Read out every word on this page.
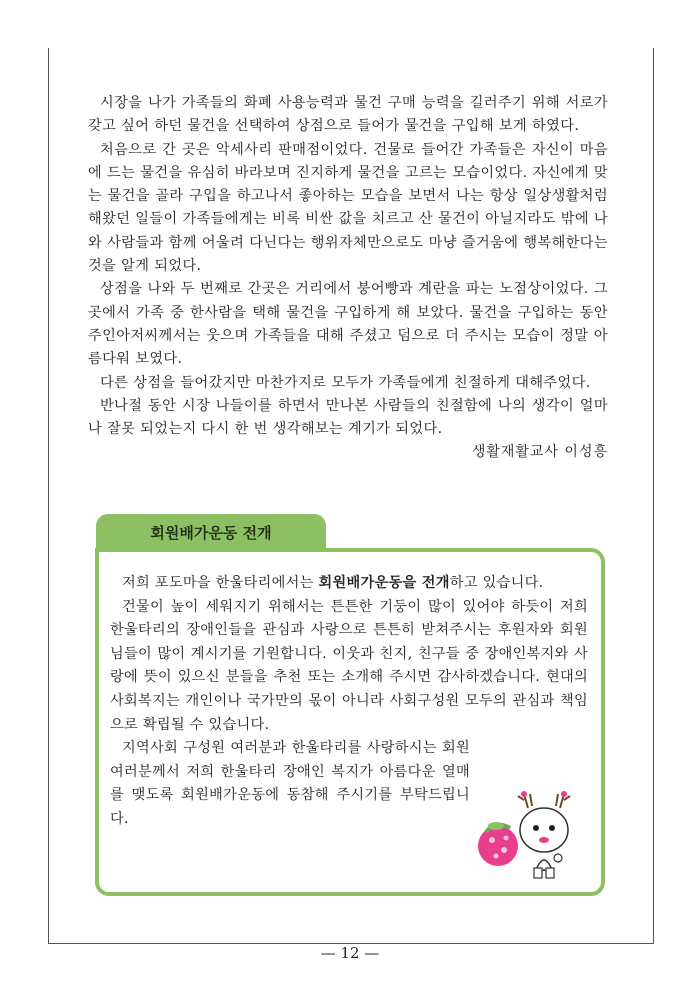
시장을 나가 가족들의 화폐 사용능력과 물건 구매 능력을 길러주기 위해 서로가 갖고 싶어 하던 물건을 선택하여 상점으로 들어가 물건을 구입해 보게 하였다.

처음으로 간 곳은 악세사리 판매점이었다. 건물로 들어간 가족들은 자신이 마음에 드는 물건을 유심히 바라보며 진지하게 물건을 고르는 모습이었다. 자신에게 맞는 물건을 골라 구입을 하고나서 좋아하는 모습을 보면서 나는 항상 일상생활처럼 해왔던 일들이 가족들에게는 비록 비싼 값을 치르고 산 물건이 아닐지라도 밖에 나와 사람들과 함께 어울려 다닌다는 행위자체만으로도 마냥 즐거움에 행복해한다는 것을 알게 되었다.

상점을 나와 두 번째로 간곳은 거리에서 붕어빵과 계란을 파는 노점상이었다. 그곳에서 가족 중 한사람을 택해 물건을 구입하게 해 보았다. 물건을 구입하는 동안 주인아저씨께서는 웃으며 가족들을 대해 주셨고 덤으로 더 주시는 모습이 정말 아름다워 보였다.

다른 상점을 들어갔지만 마찬가지로 모두가 가족들에게 친절하게 대해주었다.

반나절 동안 시장 나들이를 하면서 만나본 사람들의 친절함에 나의 생각이 얼마나 잘못 되었는지 다시 한 번 생각해보는 계기가 되었다.

생활재활교사 이성흥
회원배가운동 전개

저희 포도마을 한울타리에서는 회원배가운동을 전개하고 있습니다.

건물이 높이 세워지기 위해서는 튼튼한 기둥이 많이 있어야 하듯이 저희 한울타리의 장애인들을 관심과 사랑으로 튼튼히 받쳐주시는 후원자와 회원님들이 많이 계시기를 기원합니다. 이웃과 친지, 친구들 중 장애인복지와 사랑에 뜻이 있으신 분들을 추천 또는 소개해 주시면 감사하겠습니다. 현대의 사회복지는 개인이나 국가만의 몫이 아니라 사회구성원 모두의 관심과 책임으로 확립될 수 있습니다.

지역사회 구성원 여러분과 한울타리를 사랑하시는 회원여러분께서 저희 한울타리 장애인 복지가 아름다운 열매를 맺도록 회원배가운동에 동참해 주시기를 부탁드립니다.

— 12 —
